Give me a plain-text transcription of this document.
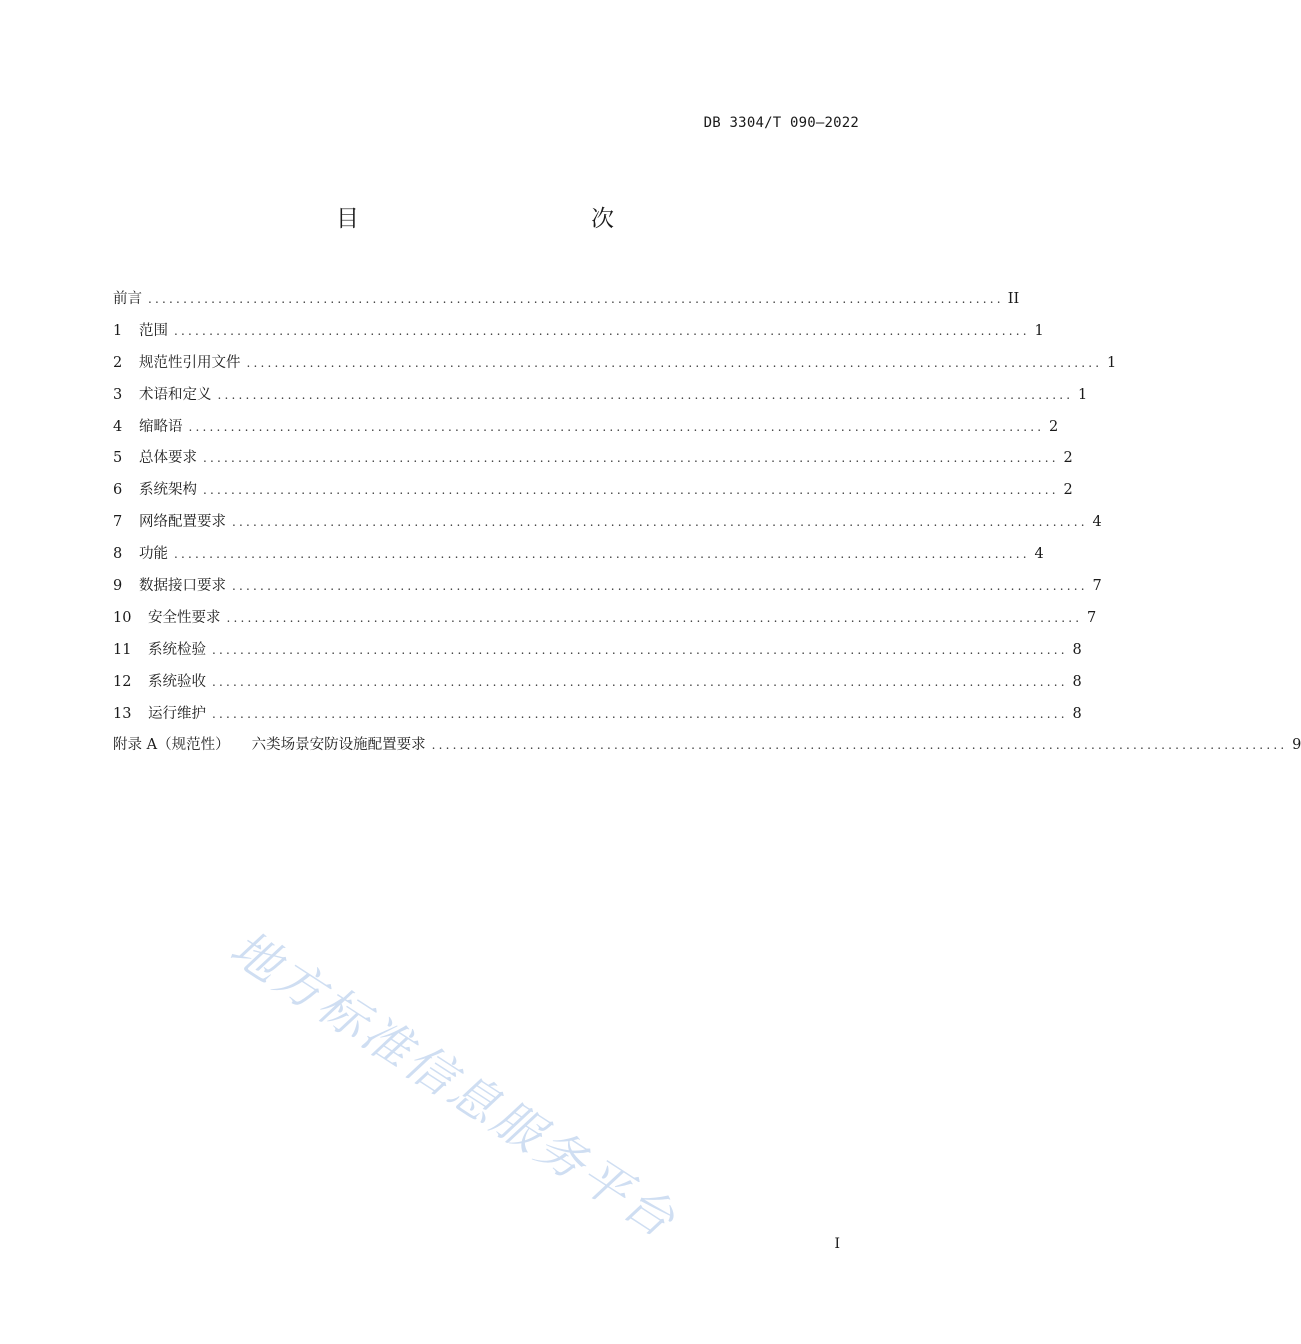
DB 3304/T 090—2022
目　　次
前言 .......................................................................................................................... II
1 范围 .......................................................................................................................... 1
2 规范性引用文件 .......................................................................................................................... 1
3 术语和定义 .......................................................................................................................... 1
4 缩略语 .......................................................................................................................... 2
5 总体要求 .......................................................................................................................... 2
6 系统架构 .......................................................................................................................... 2
7 网络配置要求 .......................................................................................................................... 4
8 功能 .......................................................................................................................... 4
9 数据接口要求 .......................................................................................................................... 7
10 安全性要求 .......................................................................................................................... 7
11 系统检验 .......................................................................................................................... 8
12 系统验收 .......................................................................................................................... 8
13 运行维护 .......................................................................................................................... 8
附录 A（规范性） 六类场景安防设施配置要求 .......................................................................................................................... 9
地方标准信息服务平台	I
